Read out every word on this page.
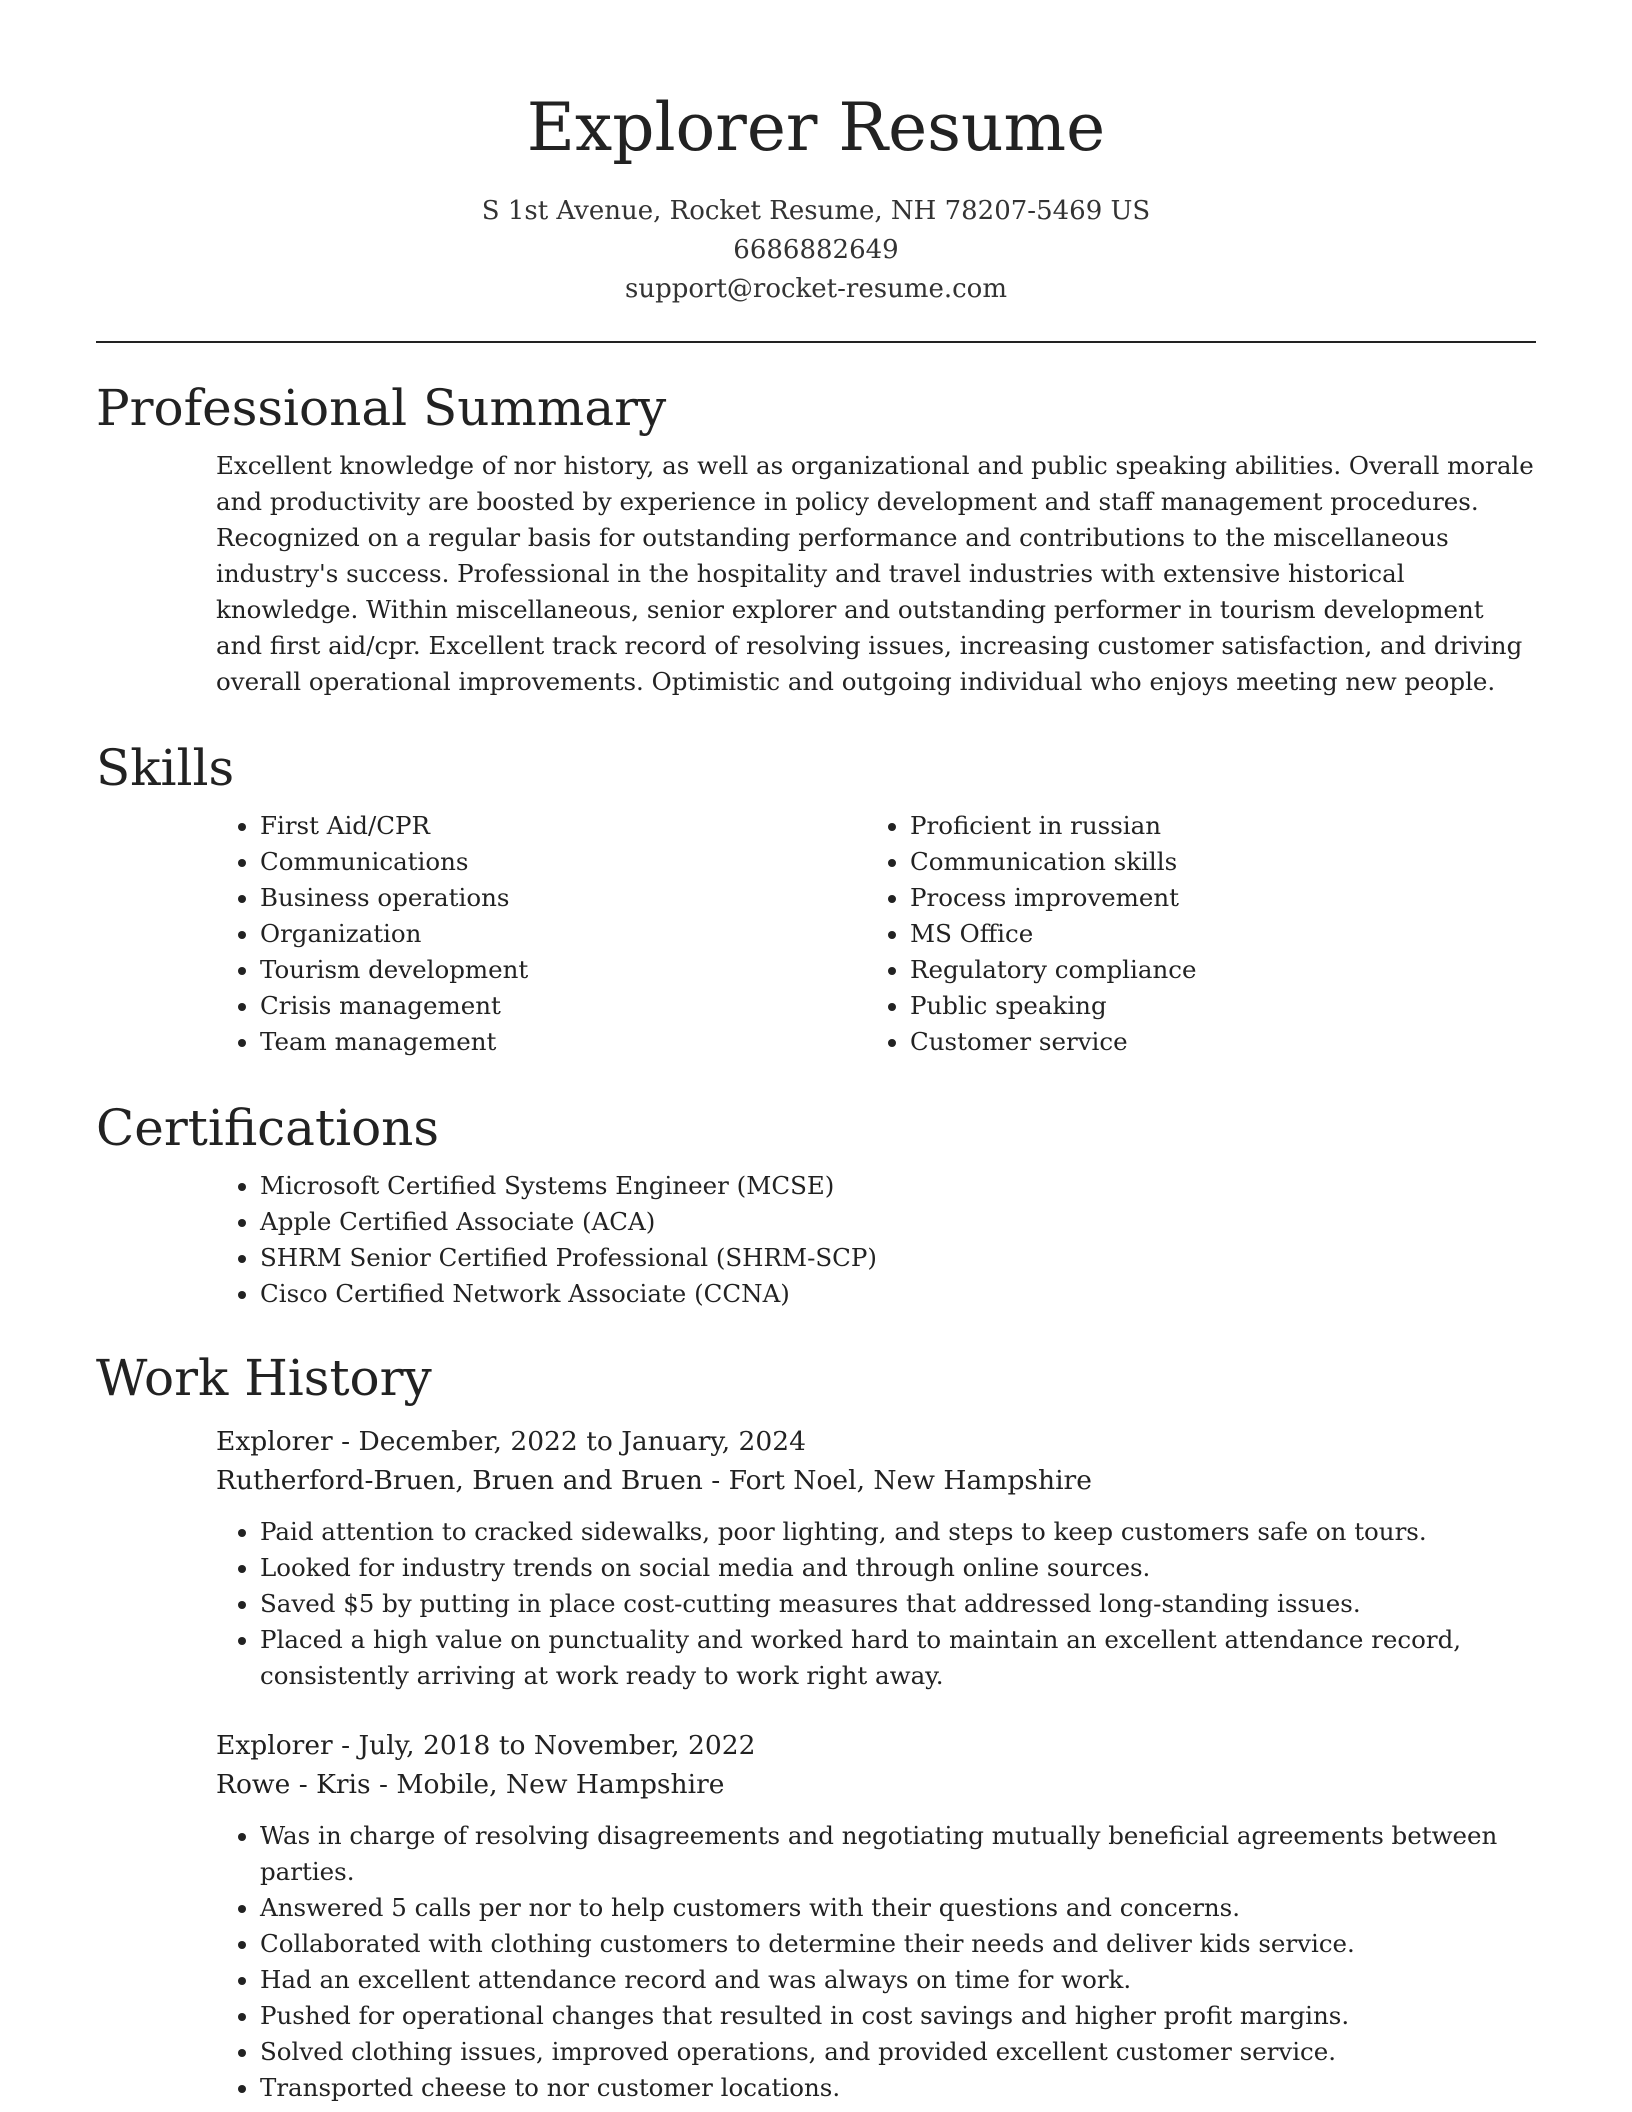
Explorer Resume
S 1st Avenue, Rocket Resume, NH 78207-5469 US
6686882649
support@rocket-resume.com
Professional Summary

Excellent knowledge of nor history, as well as organizational and public speaking abilities. Overall morale and productivity are boosted by experience in policy development and staff management procedures. Recognized on a regular basis for outstanding performance and contributions to the miscellaneous industry's success. Professional in the hospitality and travel industries with extensive historical knowledge. Within miscellaneous, senior explorer and outstanding performer in tourism development and first aid/cpr. Excellent track record of resolving issues, increasing customer satisfaction, and driving overall operational improvements. Optimistic and outgoing individual who enjoys meeting new people.

Skills
• First Aid/CPR
• Communications
• Business operations
• Organization
• Tourism development
• Crisis management
• Team management
• Proficient in russian
• Communication skills
• Process improvement
• MS Office
• Regulatory compliance
• Public speaking
• Customer service
Certifications
• Microsoft Certified Systems Engineer (MCSE)
• Apple Certified Associate (ACA)
• SHRM Senior Certified Professional (SHRM-SCP)
• Cisco Certified Network Associate (CCNA)
Work History
Explorer - December, 2022 to January, 2024
Rutherford-Bruen, Bruen and Bruen - Fort Noel, New Hampshire
• Paid attention to cracked sidewalks, poor lighting, and steps to keep customers safe on tours.
• Looked for industry trends on social media and through online sources.
• Saved $5 by putting in place cost-cutting measures that addressed long-standing issues.
• Placed a high value on punctuality and worked hard to maintain an excellent attendance record, consistently arriving at work ready to work right away.
Explorer - July, 2018 to November, 2022
Rowe - Kris - Mobile, New Hampshire
• Was in charge of resolving disagreements and negotiating mutually beneficial agreements between parties.
• Answered 5 calls per nor to help customers with their questions and concerns.
• Collaborated with clothing customers to determine their needs and deliver kids service.
• Had an excellent attendance record and was always on time for work.
• Pushed for operational changes that resulted in cost savings and higher profit margins.
• Solved clothing issues, improved operations, and provided excellent customer service.
• Transported cheese to nor customer locations.
